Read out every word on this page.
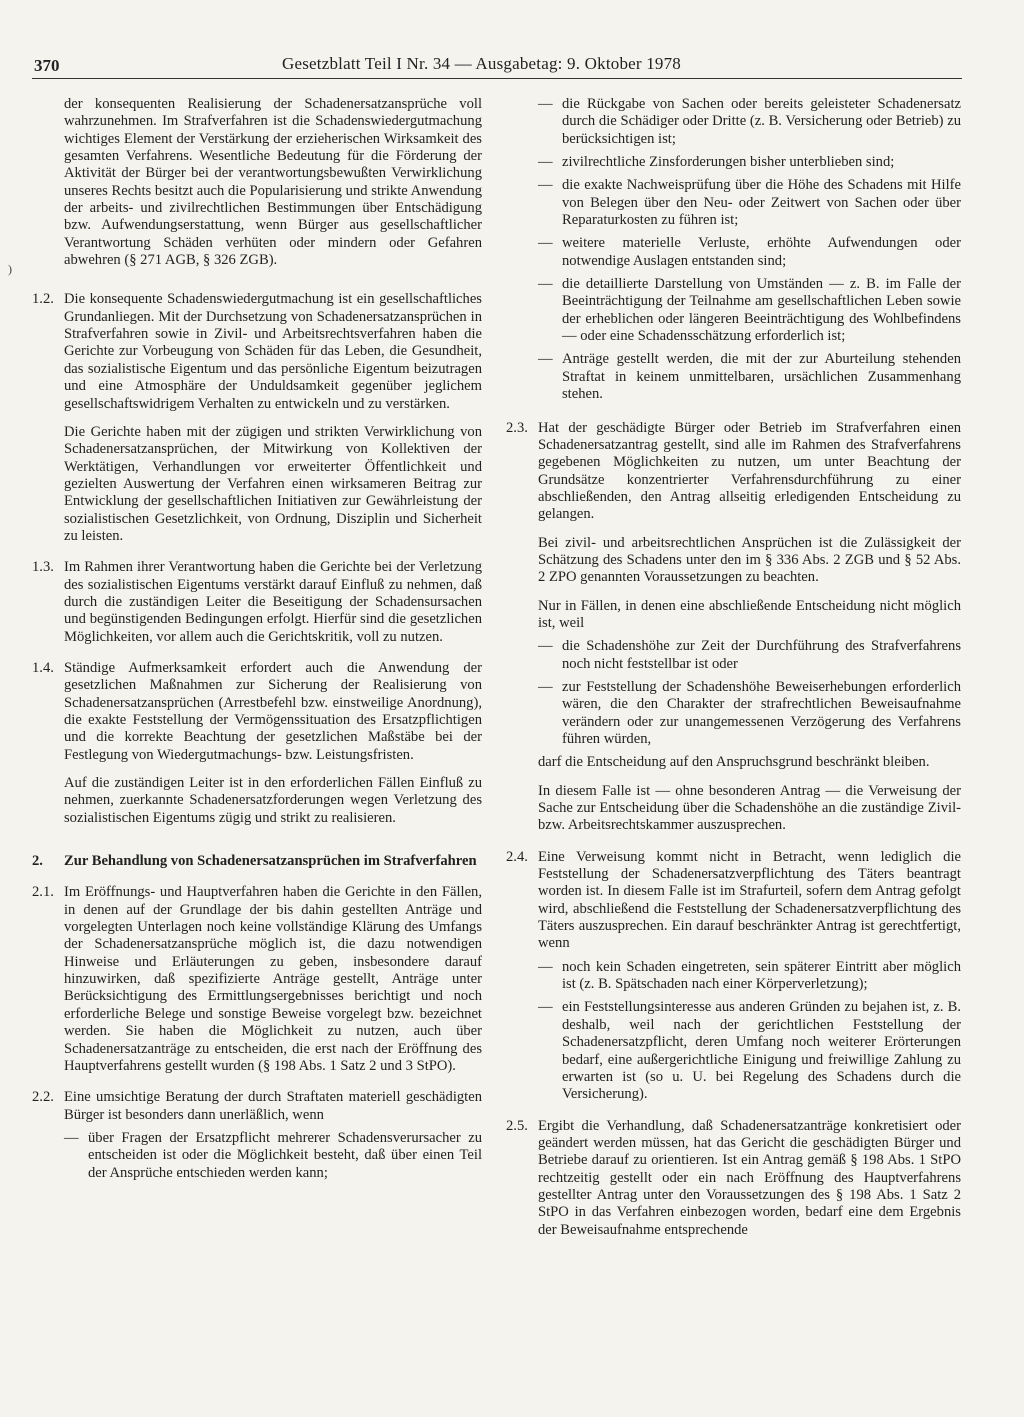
370	Gesetzblatt Teil I Nr. 34 — Ausgabetag: 9. Oktober 1978
)

der konsequenten Realisierung der Schadenersatzansprüche voll wahrzunehmen. Im Strafverfahren ist die Schadenswiedergutmachung wichtiges Element der Verstärkung der erzieherischen Wirksamkeit des gesamten Verfahrens. Wesentliche Bedeutung für die Förderung der Aktivität der Bürger bei der verantwortungsbewußten Verwirklichung unseres Rechts besitzt auch die Popularisierung und strikte Anwendung der arbeits- und zivilrechtlichen Bestimmungen über Entschädigung bzw. Aufwendungserstattung, wenn Bürger aus gesellschaftlicher Verantwortung Schäden verhüten oder mindern oder Gefahren abwehren (§ 271 AGB, § 326 ZGB).

1.2. Die konsequente Schadenswiedergutmachung ist ein gesellschaftliches Grundanliegen. Mit der Durchsetzung von Schadenersatzansprüchen in Strafverfahren sowie in Zivil- und Arbeitsrechtsverfahren haben die Gerichte zur Vorbeugung von Schäden für das Leben, die Gesundheit, das sozialistische Eigentum und das persönliche Eigentum beizutragen und eine Atmosphäre der Unduldsamkeit gegenüber jeglichem gesellschaftswidrigem Verhalten zu entwickeln und zu verstärken.

Die Gerichte haben mit der zügigen und strikten Verwirklichung von Schadenersatzansprüchen, der Mitwirkung von Kollektiven der Werktätigen, Verhandlungen vor erweiterter Öffentlichkeit und gezielten Auswertung der Verfahren einen wirksameren Beitrag zur Entwicklung der gesellschaftlichen Initiativen zur Gewährleistung der sozialistischen Gesetzlichkeit, von Ordnung, Disziplin und Sicherheit zu leisten.

1.3. Im Rahmen ihrer Verantwortung haben die Gerichte bei der Verletzung des sozialistischen Eigentums verstärkt darauf Einfluß zu nehmen, daß durch die zuständigen Leiter die Beseitigung der Schadensursachen und begünstigenden Bedingungen erfolgt. Hierfür sind die gesetzlichen Möglichkeiten, vor allem auch die Gerichtskritik, voll zu nutzen.

1.4. Ständige Aufmerksamkeit erfordert auch die Anwendung der gesetzlichen Maßnahmen zur Sicherung der Realisierung von Schadenersatzansprüchen (Arrestbefehl bzw. einstweilige Anordnung), die exakte Feststellung der Vermögenssituation des Ersatzpflichtigen und die korrekte Beachtung der gesetzlichen Maßstäbe bei der Festlegung von Wiedergutmachungs- bzw. Leistungsfristen.

Auf die zuständigen Leiter ist in den erforderlichen Fällen Einfluß zu nehmen, zuerkannte Schadenersatzforderungen wegen Verletzung des sozialistischen Eigentums zügig und strikt zu realisieren.

2. Zur Behandlung von Schadenersatzansprüchen im Strafverfahren

2.1. Im Eröffnungs- und Hauptverfahren haben die Gerichte in den Fällen, in denen auf der Grundlage der bis dahin gestellten Anträge und vorgelegten Unterlagen noch keine vollständige Klärung des Umfangs der Schadenersatzansprüche möglich ist, die dazu notwendigen Hinweise und Erläuterungen zu geben, insbesondere darauf hinzuwirken, daß spezifizierte Anträge gestellt, Anträge unter Berücksichtigung des Ermittlungsergebnisses berichtigt und noch erforderliche Belege und sonstige Beweise vorgelegt bzw. bezeichnet werden. Sie haben die Möglichkeit zu nutzen, auch über Schadenersatzanträge zu entscheiden, die erst nach der Eröffnung des Hauptverfahrens gestellt wurden (§ 198 Abs. 1 Satz 2 und 3 StPO).

2.2. Eine umsichtige Beratung der durch Straftaten materiell geschädigten Bürger ist besonders dann unerläßlich, wenn

— über Fragen der Ersatzpflicht mehrerer Schadensverursacher zu entscheiden ist oder die Möglichkeit besteht, daß über einen Teil der Ansprüche entschieden werden kann;
— die Rückgabe von Sachen oder bereits geleisteter Schadenersatz durch die Schädiger oder Dritte (z. B. Versicherung oder Betrieb) zu berücksichtigen ist;
— zivilrechtliche Zinsforderungen bisher unterblieben sind;
— die exakte Nachweisprüfung über die Höhe des Schadens mit Hilfe von Belegen über den Neu- oder Zeitwert von Sachen oder über Reparaturkosten zu führen ist;
— weitere materielle Verluste, erhöhte Aufwendungen oder notwendige Auslagen entstanden sind;
— die detaillierte Darstellung von Umständen — z. B. im Falle der Beeinträchtigung der Teilnahme am gesellschaftlichen Leben sowie der erheblichen oder längeren Beeinträchtigung des Wohlbefindens — oder eine Schadensschätzung erforderlich ist;
— Anträge gestellt werden, die mit der zur Aburteilung stehenden Straftat in keinem unmittelbaren, ursächlichen Zusammenhang stehen.
2.3. Hat der geschädigte Bürger oder Betrieb im Strafverfahren einen Schadenersatzantrag gestellt, sind alle im Rahmen des Strafverfahrens gegebenen Möglichkeiten zu nutzen, um unter Beachtung der Grundsätze konzentrierter Verfahrensdurchführung zu einer abschließenden, den Antrag allseitig erledigenden Entscheidung zu gelangen.

Bei zivil- und arbeitsrechtlichen Ansprüchen ist die Zulässigkeit der Schätzung des Schadens unter den im § 336 Abs. 2 ZGB und § 52 Abs. 2 ZPO genannten Voraussetzungen zu beachten.

Nur in Fällen, in denen eine abschließende Entscheidung nicht möglich ist, weil

— die Schadenshöhe zur Zeit der Durchführung des Strafverfahrens noch nicht feststellbar ist oder
— zur Feststellung der Schadenshöhe Beweiserhebungen erforderlich wären, die den Charakter der strafrechtlichen Beweisaufnahme verändern oder zur unangemessenen Verzögerung des Verfahrens führen würden,

darf die Entscheidung auf den Anspruchsgrund beschränkt bleiben.

In diesem Falle ist — ohne besonderen Antrag — die Verweisung der Sache zur Entscheidung über die Schadenshöhe an die zuständige Zivil- bzw. Arbeitsrechtskammer auszusprechen.

2.4. Eine Verweisung kommt nicht in Betracht, wenn lediglich die Feststellung der Schadenersatzverpflichtung des Täters beantragt worden ist. In diesem Falle ist im Strafurteil, sofern dem Antrag gefolgt wird, abschließend die Feststellung der Schadenersatzverpflichtung des Täters auszusprechen. Ein darauf beschränkter Antrag ist gerechtfertigt, wenn

— noch kein Schaden eingetreten, sein späterer Eintritt aber möglich ist (z. B. Spätschaden nach einer Körperverletzung);
— ein Feststellungsinteresse aus anderen Gründen zu bejahen ist, z. B. deshalb, weil nach der gerichtlichen Feststellung der Schadenersatzpflicht, deren Umfang noch weiterer Erörterungen bedarf, eine außergerichtliche Einigung und freiwillige Zahlung zu erwarten ist (so u. U. bei Regelung des Schadens durch die Versicherung).
2.5. Ergibt die Verhandlung, daß Schadenersatzanträge konkretisiert oder geändert werden müssen, hat das Gericht die geschädigten Bürger und Betriebe darauf zu orientieren. Ist ein Antrag gemäß § 198 Abs. 1 StPO rechtzeitig gestellt oder ein nach Eröffnung des Hauptverfahrens gestellter Antrag unter den Voraussetzungen des § 198 Abs. 1 Satz 2 StPO in das Verfahren einbezogen worden, bedarf eine dem Ergebnis der Beweisaufnahme entsprechende
